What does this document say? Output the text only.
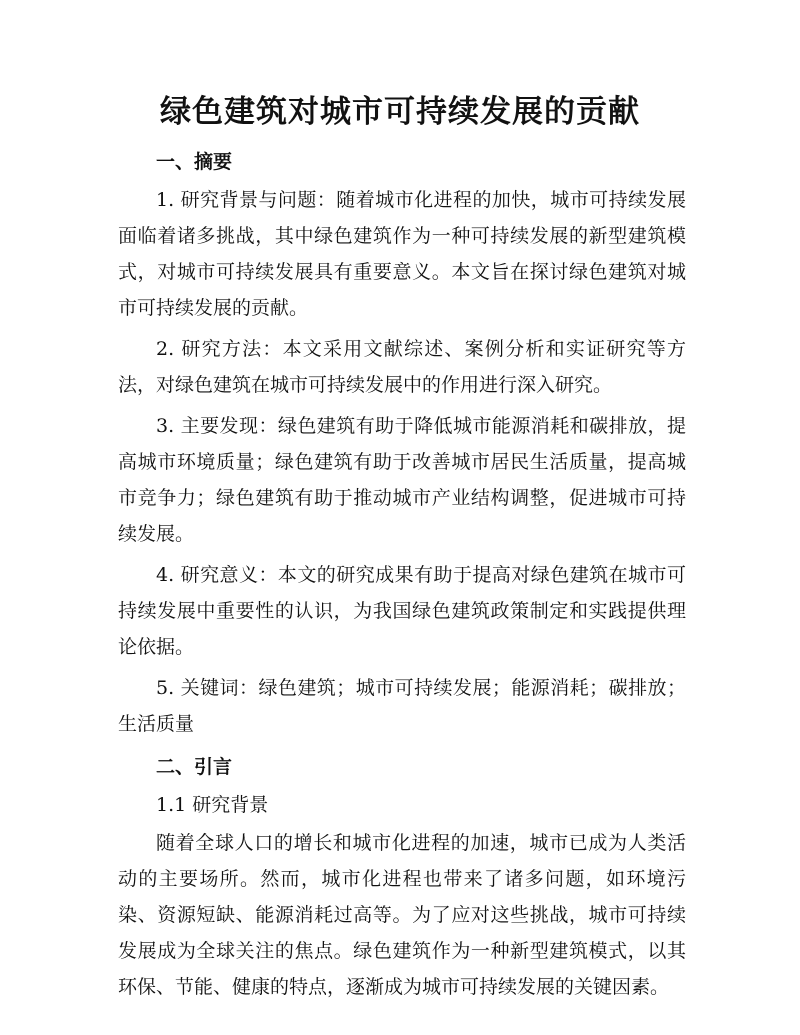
绿色建筑对城市可持续发展的贡献

一、摘要

1. 研究背景与问题：随着城市化进程的加快，城市可持续发展面临着诸多挑战，其中绿色建筑作为一种可持续发展的新型建筑模式，对城市可持续发展具有重要意义。本文旨在探讨绿色建筑对城市可持续发展的贡献。

2. 研究方法：本文采用文献综述、案例分析和实证研究等方法，对绿色建筑在城市可持续发展中的作用进行深入研究。

3. 主要发现：绿色建筑有助于降低城市能源消耗和碳排放，提高城市环境质量；绿色建筑有助于改善城市居民生活质量，提高城市竞争力；绿色建筑有助于推动城市产业结构调整，促进城市可持续发展。

4. 研究意义：本文的研究成果有助于提高对绿色建筑在城市可持续发展中重要性的认识，为我国绿色建筑政策制定和实践提供理论依据。

5. 关键词：绿色建筑；城市可持续发展；能源消耗；碳排放；生活质量

二、引言

1.1 研究背景

随着全球人口的增长和城市化进程的加速，城市已成为人类活动的主要场所。然而，城市化进程也带来了诸多问题，如环境污染、资源短缺、能源消耗过高等。为了应对这些挑战，城市可持续发展成为全球关注的焦点。绿色建筑作为一种新型建筑模式，以其环保、节能、健康的特点，逐渐成为城市可持续发展的关键因素。
